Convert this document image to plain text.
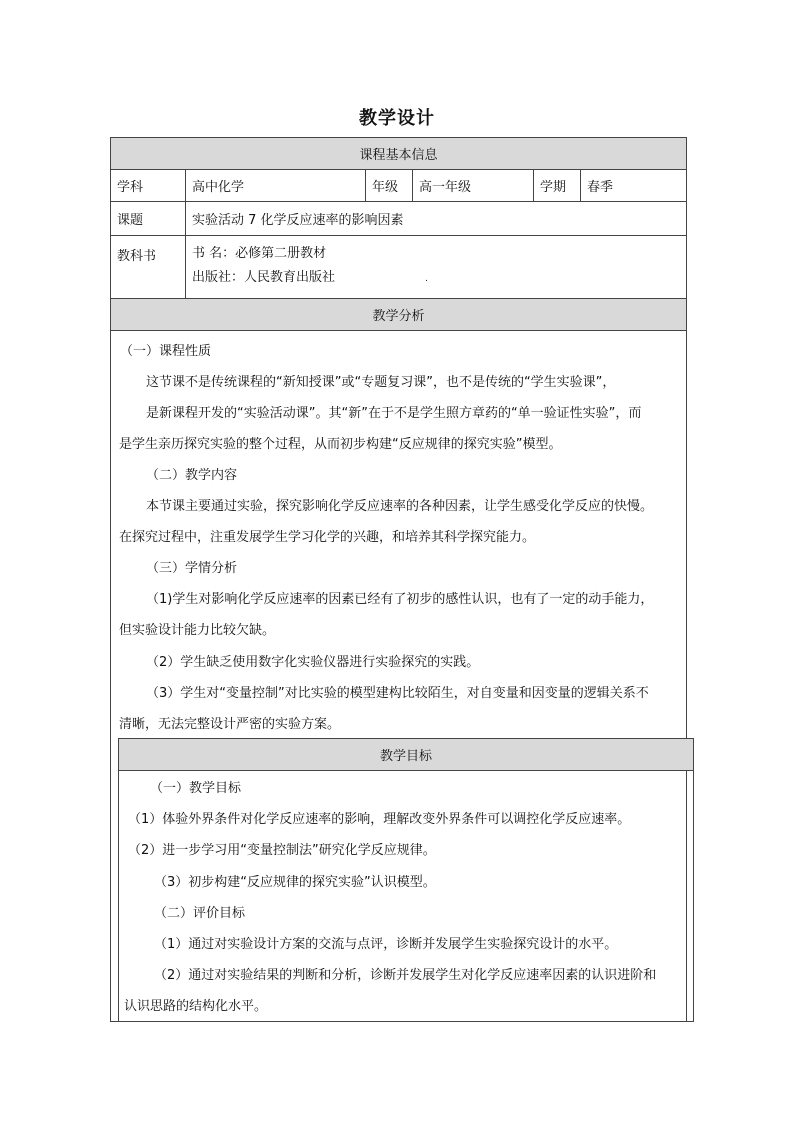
教学设计
课程基本信息
学科	高中化学	年级	高一年级	学期	春季
课题	实验活动 7 化学反应速率的影响因素
教科书	书 名：必修第二册教材
出版社：人民教育出版社	.
教学分析
（一）课程性质
这节课不是传统课程的“新知授课”或“专题复习课”，也不是传统的“学生实验课”，
是新课程开发的“实验活动课”。其“新”在于不是学生照方章药的“单一验证性实验”，而
是学生亲历探究实验的整个过程，从而初步构建“反应规律的探究实验”模型。
（二）教学内容
本节课主要通过实验，探究影响化学反应速率的各种因素，让学生感受化学反应的快慢。
在探究过程中，注重发展学生学习化学的兴趣，和培养其科学探究能力。
（三）学情分析
（1)学生对影响化学反应速率的因素已经有了初步的感性认识，也有了一定的动手能力，
但实验设计能力比较欠缺。
（2）学生缺乏使用数字化实验仪器进行实验探究的实践。
（3）学生对“变量控制”对比实验的模型建构比较陌生，对自变量和因变量的逻辑关系不
清晰，无法完整设计严密的实验方案。
教学目标
（一）教学目标
（1）体验外界条件对化学反应速率的影响，理解改变外界条件可以调控化学反应速率。
（2）进一步学习用“变量控制法”研究化学反应规律。
（3）初步构建“反应规律的探究实验”认识模型。
（二）评价目标
（1）通过对实验设计方案的交流与点评，诊断并发展学生实验探究设计的水平。
（2）通过对实验结果的判断和分析，诊断并发展学生对化学反应速率因素的认识进阶和
认识思路的结构化水平。
